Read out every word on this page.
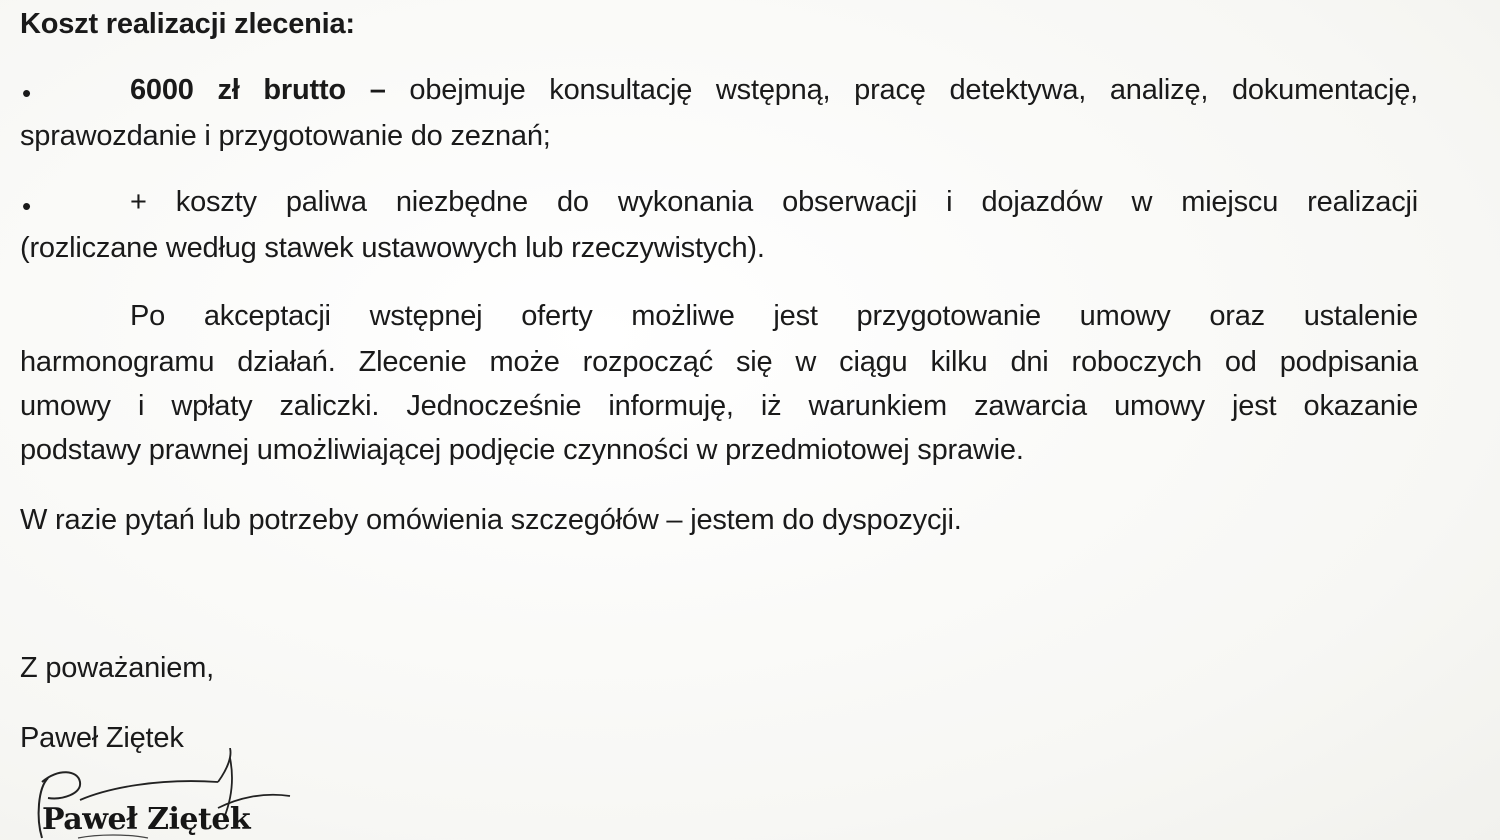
Koszt realizacji zlecenia:
•	6000 zł brutto – obejmuje konsultację wstępną, pracę detektywa, analizę, dokumentację,
sprawozdanie i przygotowanie do zeznań;
•	+ koszty paliwa niezbędne do wykonania obserwacji i dojazdów w miejscu realizacji
(rozliczane według stawek ustawowych lub rzeczywistych).
Po akceptacji wstępnej oferty możliwe jest przygotowanie umowy oraz ustalenie
harmonogramu działań. Zlecenie może rozpocząć się w ciągu kilku dni roboczych od podpisania
umowy i wpłaty zaliczki. Jednocześnie informuję, iż warunkiem zawarcia umowy jest okazanie
podstawy prawnej umożliwiającej podjęcie czynności w przedmiotowej sprawie.
W razie pytań lub potrzeby omówienia szczegółów – jestem do dyspozycji.
Z poważaniem,
Paweł Ziętek
Paweł Ziętek
